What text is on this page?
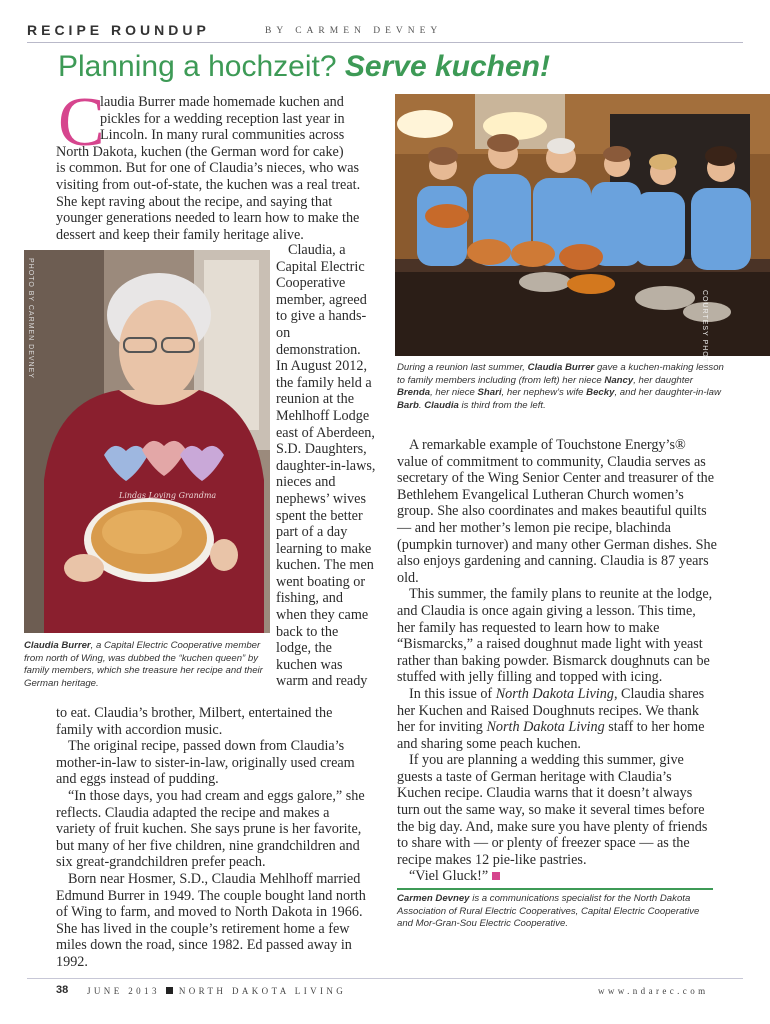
RECIPE ROUNDUP	BY CARMEN DEVNEY
Planning a hochzeit? Serve kuchen!
C
laudia Burrer made homemade kuchen and
pickles for a wedding reception last year in
Lincoln. In many rural communities across
North Dakota, kuchen (the German word for cake)
is common. But for one of Claudia’s nieces, who was
visiting from out-of-state, the kuchen was a real treat.
She kept raving about the recipe, and saying that
younger generations needed to learn how to make the
dessert and keep their family heritage alive.

Claudia, a Capital Electric Cooperative member, agreed to give a hands-on demonstration. In August 2012, the family held a reunion at the Mehlhoff Lodge east of Aberdeen, S.D. Daughters, daughter-in-laws, nieces and nephews’ wives spent the better part of a day learning to make kuchen. The men went boating or fishing, and when they came back to the lodge, the kuchen was warm and ready

Lindas Loving Grandma
PHOTO BY CARMEN DEVNEY
Claudia Burrer, a Capital Electric Cooperative member from north of Wing, was dubbed the “kuchen queen” by family members, which she treasure her recipe and their German heritage.
COURTESY PHOTO
During a reunion last summer, Claudia Burrer gave a kuchen-making lesson to family members including (from left) her niece Nancy, her daughter Brenda, her niece Shari, her nephew’s wife Becky, and her daughter-in-law Barb. Claudia is third from the left.

to eat. Claudia’s brother, Milbert, entertained the family with accordion music.

The original recipe, passed down from Claudia’s mother-in-law to sister-in-law, originally used cream and eggs instead of pudding.

“In those days, you had cream and eggs galore,” she reflects. Claudia adapted the recipe and makes a variety of fruit kuchen. She says prune is her favorite, but many of her five children, nine grandchildren and six great-grandchildren prefer peach.

Born near Hosmer, S.D., Claudia Mehlhoff married Edmund Burrer in 1949. The couple bought land north of Wing to farm, and moved to North Dakota in 1966. She has lived in the couple’s retirement home a few miles down the road, since 1982. Ed passed away in 1992.

A remarkable example of Touchstone Energy’s® value of commitment to community, Claudia serves as secretary of the Wing Senior Center and treasurer of the Bethlehem Evangelical Lutheran Church women’s group. She also coordinates and makes beautiful quilts — and her mother’s lemon pie recipe, blachinda (pumpkin turnover) and many other German dishes. She also enjoys gardening and canning. Claudia is 87 years old.

This summer, the family plans to reunite at the lodge, and Claudia is once again giving a lesson. This time, her family has requested to learn how to make “Bismarcks,” a raised doughnut made light with yeast rather than baking powder. Bismarck doughnuts can be stuffed with jelly filling and topped with icing.

In this issue of North Dakota Living, Claudia shares her Kuchen and Raised Doughnuts recipes. We thank her for inviting North Dakota Living staff to her home and sharing some peach kuchen.

If you are planning a wedding this summer, give guests a taste of German heritage with Claudia’s Kuchen recipe. Claudia warns that it doesn’t always turn out the same way, so make it several times before the big day. And, make sure you have plenty of friends to share with — or plenty of freezer space — as the recipe makes 12 pie-like pastries.

“Viel Gluck!”

Carmen Devney is a communications specialist for the North Dakota Association of Rural Electric Cooperatives, Capital Electric Cooperative and Mor-Gran-Sou Electric Cooperative.
38 JUNE 2013 NORTH DAKOTA LIVING	www.ndarec.com
